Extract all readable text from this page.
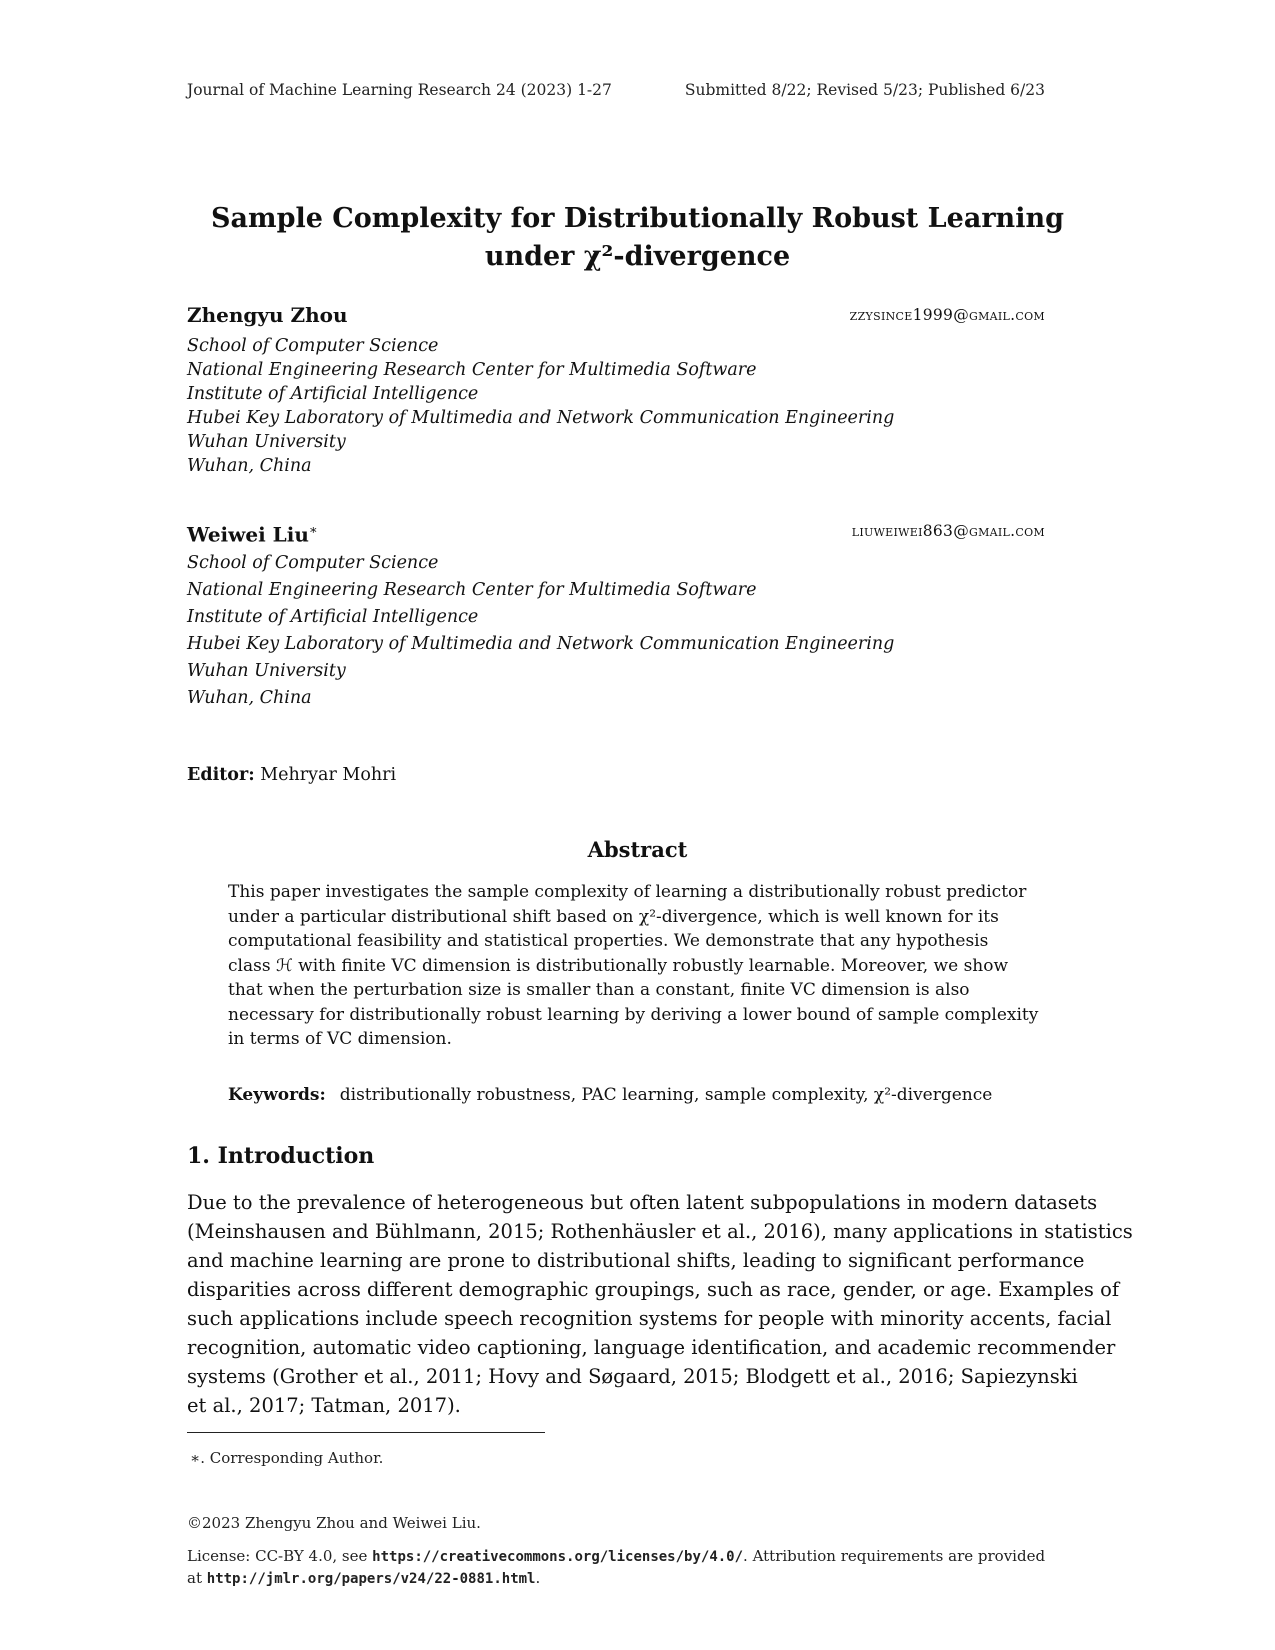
Journal of Machine Learning Research 24 (2023) 1-27	Submitted 8/22; Revised 5/23; Published 6/23
Sample Complexity for Distributionally Robust Learning
under χ²-divergence
Zhengyu Zhou	zzysince1999@gmail.com
School of Computer Science
National Engineering Research Center for Multimedia Software
Institute of Artificial Intelligence
Hubei Key Laboratory of Multimedia and Network Communication Engineering
Wuhan University
Wuhan, China
Weiwei Liu∗	liuweiwei863@gmail.com
School of Computer Science
National Engineering Research Center for Multimedia Software
Institute of Artificial Intelligence
Hubei Key Laboratory of Multimedia and Network Communication Engineering
Wuhan University
Wuhan, China
Editor: Mehryar Mohri
Abstract
This paper investigates the sample complexity of learning a distributionally robust predictor
under a particular distributional shift based on χ²-divergence, which is well known for its
computational feasibility and statistical properties. We demonstrate that any hypothesis
class ℋ with finite VC dimension is distributionally robustly learnable. Moreover, we show
that when the perturbation size is smaller than a constant, finite VC dimension is also
necessary for distributionally robust learning by deriving a lower bound of sample complexity
in terms of VC dimension.
Keywords: distributionally robustness, PAC learning, sample complexity, χ²-divergence
1. Introduction
Due to the prevalence of heterogeneous but often latent subpopulations in modern datasets
(Meinshausen and Bühlmann, 2015; Rothenhäusler et al., 2016), many applications in statistics
and machine learning are prone to distributional shifts, leading to significant performance
disparities across different demographic groupings, such as race, gender, or age. Examples of
such applications include speech recognition systems for people with minority accents, facial
recognition, automatic video captioning, language identification, and academic recommender
systems (Grother et al., 2011; Hovy and Søgaard, 2015; Blodgett et al., 2016; Sapiezynski
et al., 2017; Tatman, 2017).
∗. Corresponding Author.
©2023 Zhengyu Zhou and Weiwei Liu.
License: CC-BY 4.0, see https://creativecommons.org/licenses/by/4.0/. Attribution requirements are provided
at http://jmlr.org/papers/v24/22-0881.html.
